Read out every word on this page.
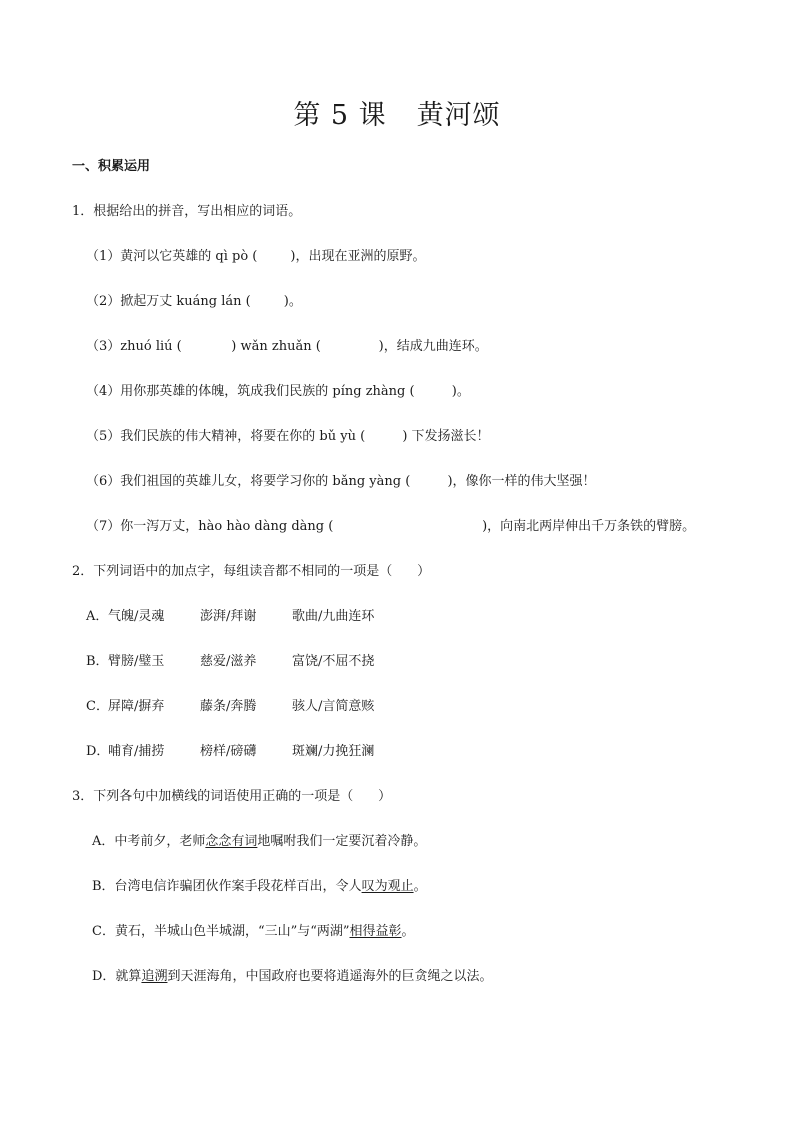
第 5 课 黄河颂
一、积累运用
1．根据给出的拼音，写出相应的词语。
（1）黄河以它英雄的 qì pò (        )，出现在亚洲的原野。
（2）掀起万丈 kuáng lán (        )。
（3）zhuó liú (            ) wǎn zhuǎn (              )，结成九曲连环。
（4）用你那英雄的体魄，筑成我们民族的 píng zhàng (         )。
（5）我们民族的伟大精神，将要在你的 bǔ yù (         ) 下发扬滋长！
（6）我们祖国的英雄儿女，将要学习你的 bǎng yàng (         )，像你一样的伟大坚强！
（7）你一泻万丈，hào hào dàng dàng (                                    )，向南北两岸伸出千万条铁的臂膀。
2．下列词语中的加点字，每组读音都不相同的一项是（      ）
A．气魄/灵魂	澎湃/拜谢	歌曲/九曲连环
B．臂膀/璧玉	慈爱/滋养	富饶/不屈不挠
C．屏障/摒弃	藤条/奔腾	骇人/言简意赅
D．哺育/捕捞	榜样/磅礴	斑斓/力挽狂澜
3．下列各句中加横线的词语使用正确的一项是（      ）
A．中考前夕，老师念念有词地嘱咐我们一定要沉着冷静。
B．台湾电信诈骗团伙作案手段花样百出，令人叹为观止。
C．黄石，半城山色半城湖，“三山”与“两湖”相得益彰。
D．就算追溯到天涯海角，中国政府也要将逍遥海外的巨贪绳之以法。
